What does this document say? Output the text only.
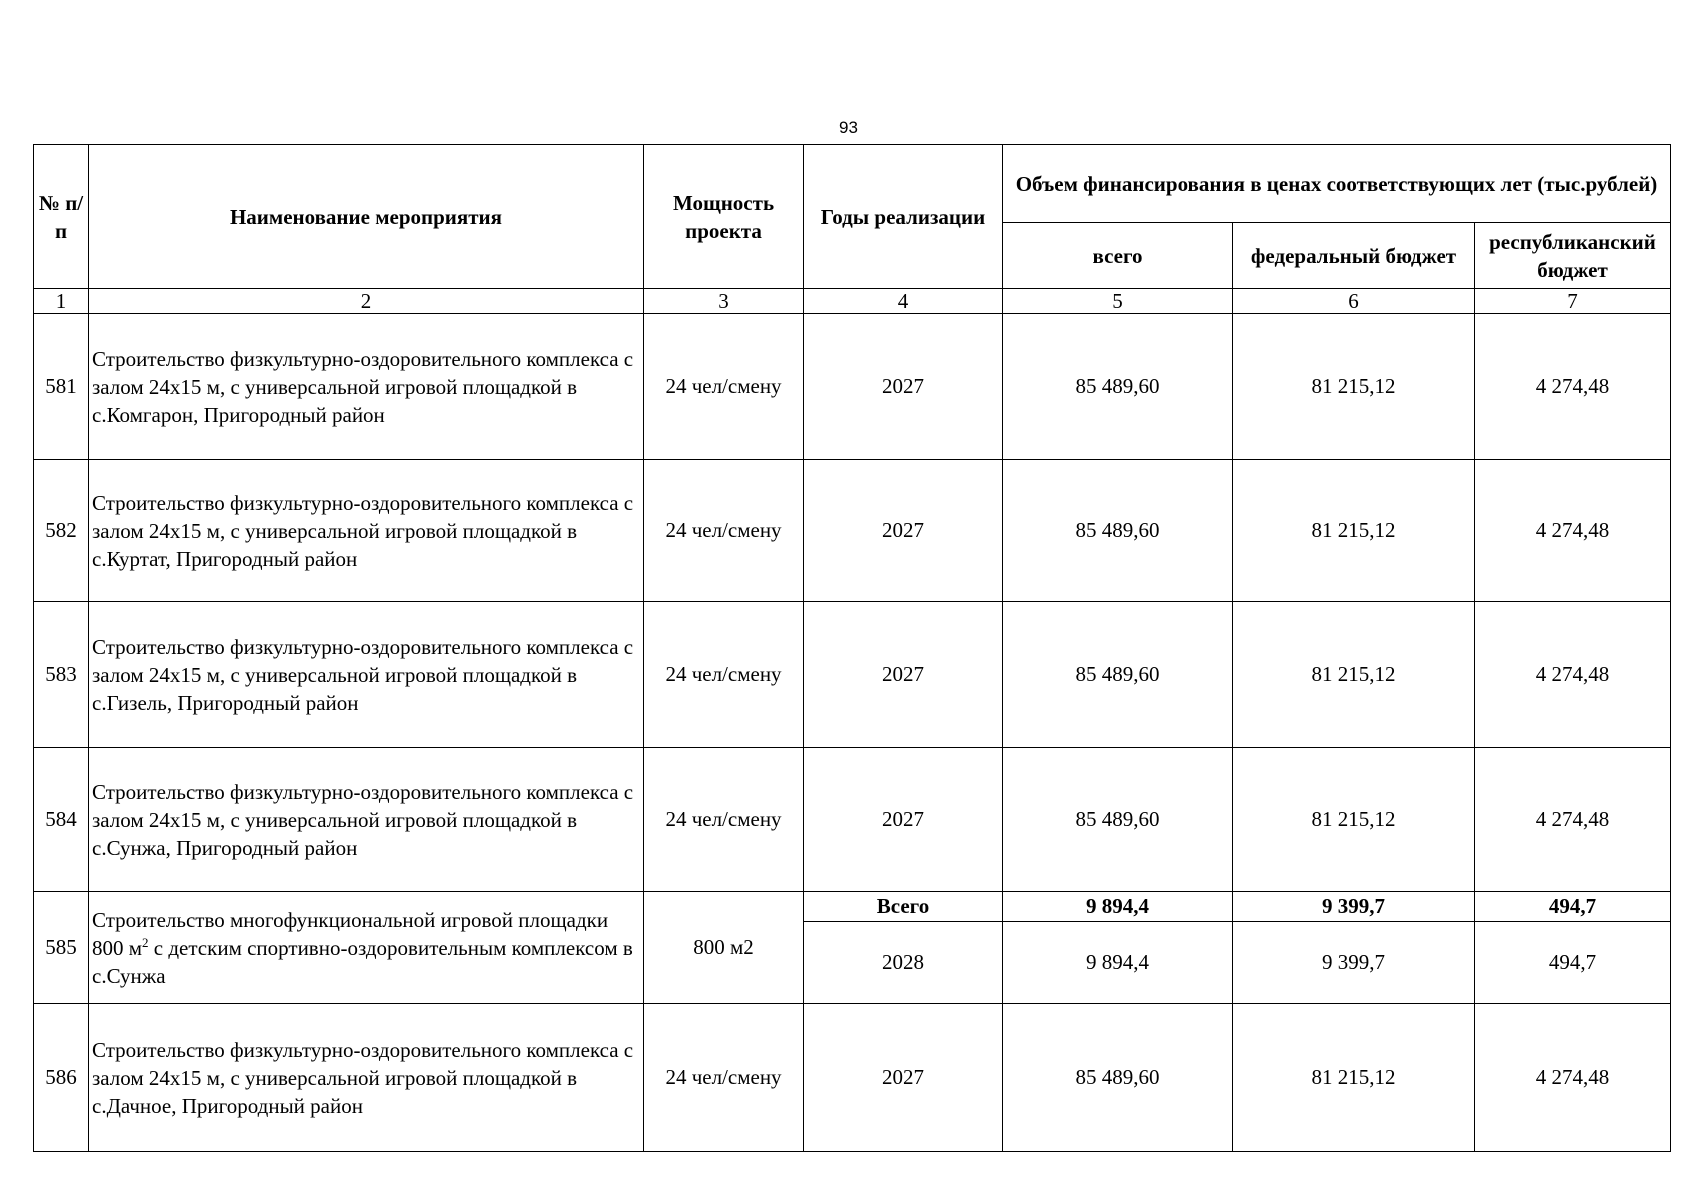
93
№ п/п	Наименование мероприятия	Мощность проекта	Годы реализации	Объем финансирования в ценах соответствующих лет (тыс.рублей)		
				всего	федеральный бюджет	республиканский бюджет
1	2	3	4	5	6	7
581	Строительство физкультурно-оздоровительного комплекса с залом 24х15 м, с универсальной игровой площадкой в с.Комгарон, Пригородный район	24 чел/смену	2027	85 489,60	81 215,12	4 274,48
582	Строительство физкультурно-оздоровительного комплекса с залом 24х15 м, с универсальной игровой площадкой в с.Куртат, Пригородный район	24 чел/смену	2027	85 489,60	81 215,12	4 274,48
583	Строительство физкультурно-оздоровительного комплекса с залом 24х15 м, с универсальной игровой площадкой в с.Гизель, Пригородный район	24 чел/смену	2027	85 489,60	81 215,12	4 274,48
584	Строительство физкультурно-оздоровительного комплекса с залом 24х15 м, с универсальной игровой площадкой в с.Сунжа, Пригородный район	24 чел/смену	2027	85 489,60	81 215,12	4 274,48
585	Строительство многофункциональной игровой площадки 800 $м^2$ с детским спортивно-оздоровительным комплексом в с.Сунжа	800 м2	Всего	9 894,4	9 399,7	494,7
			2028	9 894,4	9 399,7	494,7
586	Строительство физкультурно-оздоровительного комплекса с залом 24х15 м, с универсальной игровой площадкой в с.Дачное, Пригородный район	24 чел/смену	2027	85 489,60	81 215,12	4 274,48
